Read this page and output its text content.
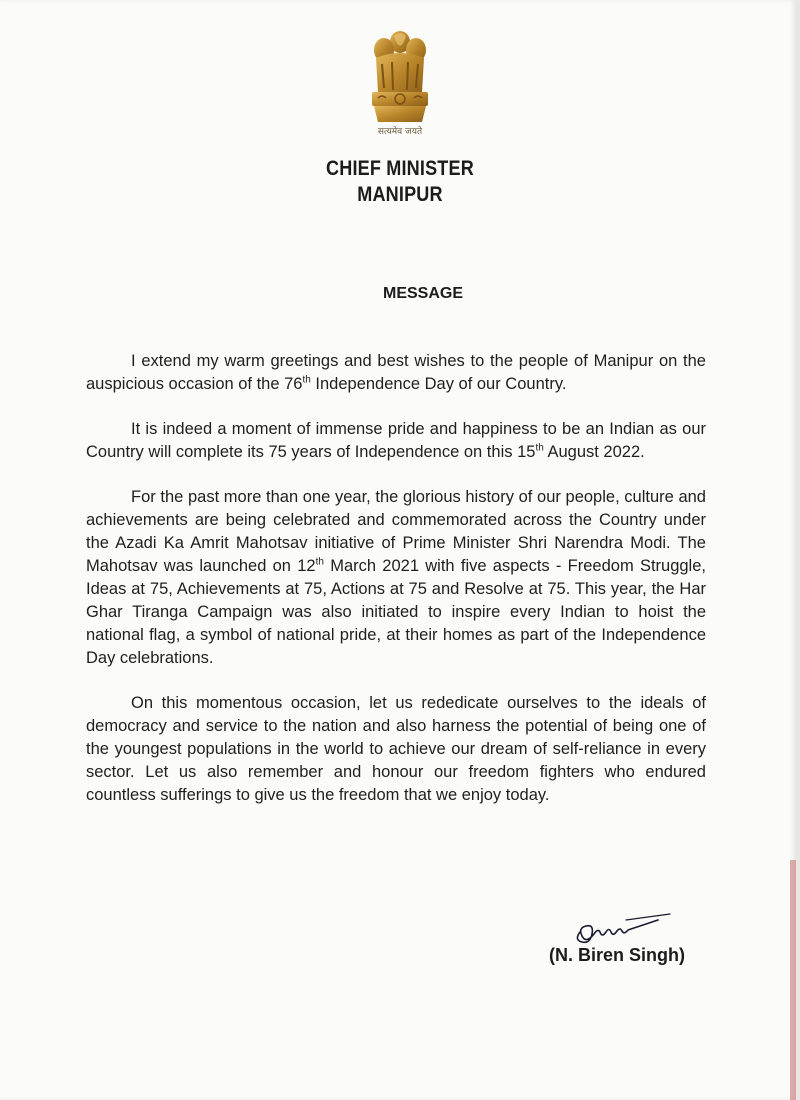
सत्यमेव जयते
CHIEF MINISTER
MANIPUR
MESSAGE

I extend my warm greetings and best wishes to the people of Manipur on the auspicious occasion of the 76th Independence Day of our Country.

It is indeed a moment of immense pride and happiness to be an Indian as our Country will complete its 75 years of Independence on this 15th August 2022.

For the past more than one year, the glorious history of our people, culture and achievements are being celebrated and commemorated across the Country under the Azadi Ka Amrit Mahotsav initiative of Prime Minister Shri Narendra Modi. The Mahotsav was launched on 12th March 2021 with five aspects - Freedom Struggle, Ideas at 75, Achievements at 75, Actions at 75 and Resolve at 75. This year, the Har Ghar Tiranga Campaign was also initiated to inspire every Indian to hoist the national flag, a symbol of national pride, at their homes as part of the Independence Day celebrations.

On this momentous occasion, let us rededicate ourselves to the ideals of democracy and service to the nation and also harness the potential of being one of the youngest populations in the world to achieve our dream of self-reliance in every sector. Let us also remember and honour our freedom fighters who endured countless sufferings to give us the freedom that we enjoy today.

(N. Biren Singh)
